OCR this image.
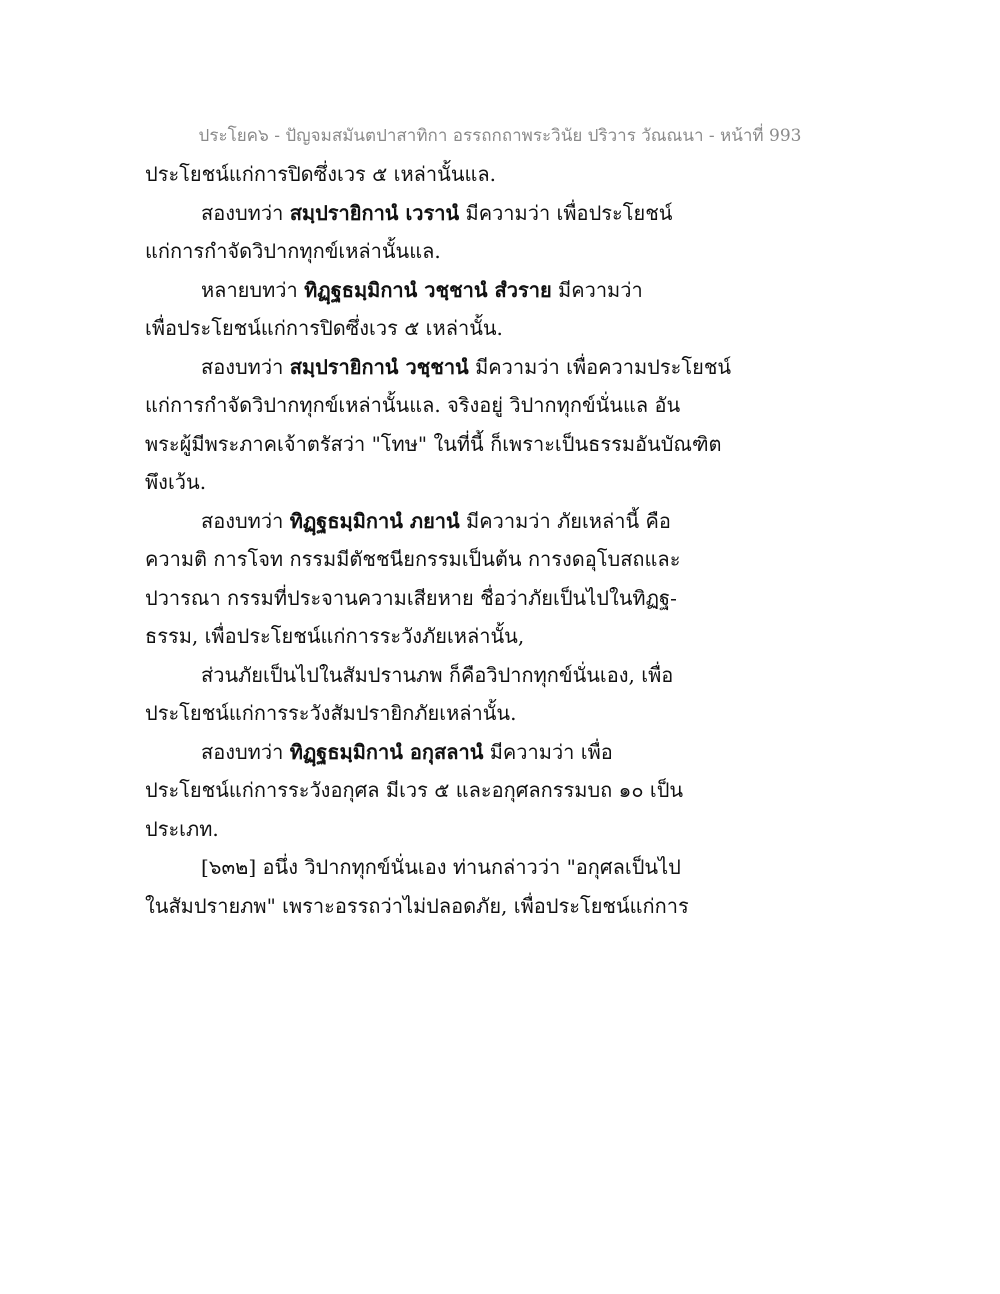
ประโยค๖ - ปัญจมสมันตปาสาทิกา อรรถกถาพระวินัย ปริวาร วัณณนา - หน้าที่ 993
ประโยชน์แก่การปิดซึ่งเวร ๕ เหล่านั้นแล.
สองบทว่า สมฺปรายิกานํ เวรานํ มีความว่า เพื่อประโยชน์
แก่การกำจัดวิปากทุกข์เหล่านั้นแล.
หลายบทว่า ทิฏฺฐธมฺมิกานํ วชฺชานํ สํวราย มีความว่า
เพื่อประโยชน์แก่การปิดซึ่งเวร ๕ เหล่านั้น.
สองบทว่า สมฺปรายิกานํ วชฺชานํ มีความว่า เพื่อความประโยชน์
แก่การกำจัดวิปากทุกข์เหล่านั้นแล. จริงอยู่ วิปากทุกข์นั่นแล อัน
พระผู้มีพระภาคเจ้าตรัสว่า "โทษ" ในที่นี้ ก็เพราะเป็นธรรมอันบัณฑิต
พึงเว้น.
สองบทว่า ทิฏฺฐธมฺมิกานํ ภยานํ มีความว่า ภัยเหล่านี้ คือ
ความติ การโจท กรรมมีตัชชนียกรรมเป็นต้น การงดอุโบสถและ
ปวารณา กรรมที่ประจานความเสียหาย ชื่อว่าภัยเป็นไปในทิฏฐ-
ธรรม, เพื่อประโยชน์แก่การระวังภัยเหล่านั้น,
ส่วนภัยเป็นไปในสัมปรานภพ ก็คือวิปากทุกข์นั่นเอง, เพื่อ
ประโยชน์แก่การระวังสัมปรายิกภัยเหล่านั้น.
สองบทว่า ทิฏฺฐธมฺมิกานํ อกุสลานํ มีความว่า เพื่อ
ประโยชน์แก่การระวังอกุศล มีเวร ๕ และอกุศลกรรมบถ ๑๐ เป็น
ประเภท.
[๖๓๒] อนึ่ง วิปากทุกข์นั่นเอง ท่านกล่าวว่า "อกุศลเป็นไป
ในสัมปรายภพ" เพราะอรรถว่าไม่ปลอดภัย, เพื่อประโยชน์แก่การ
